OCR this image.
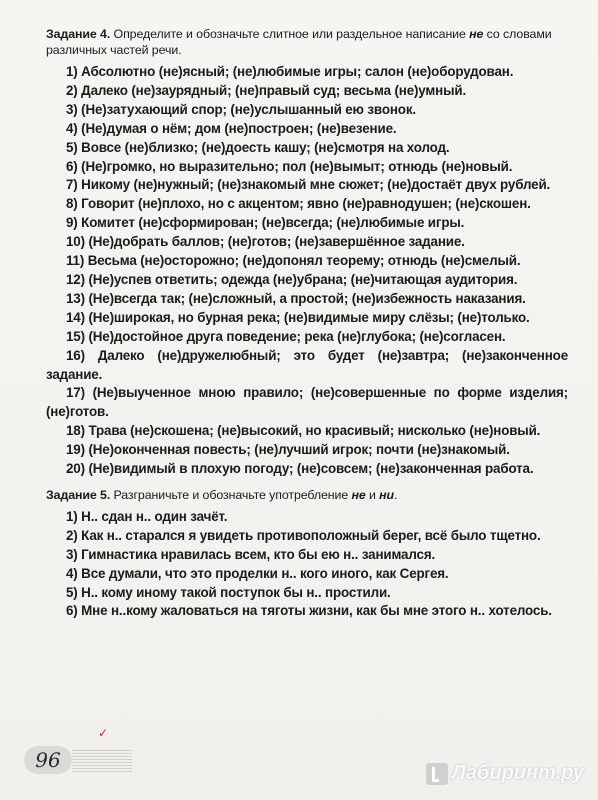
Задание 4. Определите и обозначьте слитное или раздельное написание не со словами различных частей речи.

1) Абсолютно (не)ясный; (не)любимые игры; салон (не)оборудован.
2) Далеко (не)заурядный; (не)правый суд; весьма (не)умный.
3) (Не)затухающий спор; (не)услышанный ею звонок.
4) (Не)думая о нём; дом (не)построен; (не)везение.
5) Вовсе (не)близко; (не)доесть кашу; (не)смотря на холод.
6) (Не)громко, но выразительно; пол (не)вымыт; отнюдь (не)новый.
7) Никому (не)нужный; (не)знакомый мне сюжет; (не)достаёт двух рублей.
8) Говорит (не)плохо, но с акцентом; явно (не)равнодушен; (не)скошен.
9) Комитет (не)сформирован; (не)всегда; (не)любимые игры.
10) (Не)добрать баллов; (не)готов; (не)завершённое задание.
11) Весьма (не)осторожно; (не)допонял теорему; отнюдь (не)смелый.
12) (Не)успев ответить; одежда (не)убрана; (не)читающая аудитория.
13) (Не)всегда так; (не)сложный, а простой; (не)избежность наказания.
14) (Не)широкая, но бурная река; (не)видимые миру слёзы; (не)только.
15) (Не)достойное друга поведение; река (не)глубока; (не)согласен.
16) Далеко (не)дружелюбный; это будет (не)завтра; (не)законченное задание.
17) (Не)выученное мною правило; (не)совершенные по форме изделия; (не)готов.
18) Трава (не)скошена; (не)высокий, но красивый; нисколько (не)новый.
19) (Не)оконченная повесть; (не)лучший игрок; почти (не)знакомый.
20) (Не)видимый в плохую погоду; (не)совсем; (не)законченная работа.

Задание 5. Разграничьте и обозначьте употребление не и ни.

1) Н.. сдан н.. один зачёт.
2) Как н.. старался я увидеть противоположный берег, всё было тщетно.
3) Гимнастика нравилась всем, кто бы ею н.. занимался.
4) Все думали, что это проделки н.. кого иного, как Сергея.
5) Н.. кому иному такой поступок бы н.. простили.
6) Мне н..кому жаловаться на тяготы жизни, как бы мне этого н.. хотелось.
96
✓
Лабиринт.ру
